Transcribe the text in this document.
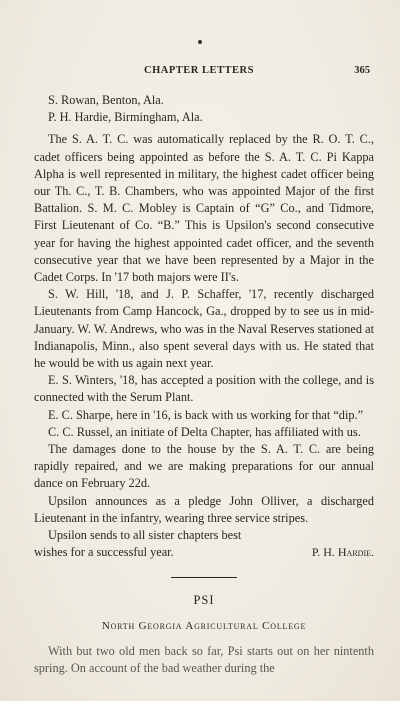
CHAPTER LETTERS	365

S. Rowan, Benton, Ala.

P. H. Hardie, Birmingham, Ala.

The S. A. T. C. was automatically replaced by the R. O. T. C., cadet officers being appointed as before the S. A. T. C. Pi Kappa Alpha is well represented in military, the highest cadet officer being our Th. C., T. B. Chambers, who was appointed Major of the first Battalion. S. M. C. Mobley is Captain of “G” Co., and Tidmore, First Lieutenant of Co. “B.” This is Upsilon's second consecutive year for having the highest appointed cadet officer, and the seventh consecutive year that we have been represented by a Major in the Cadet Corps. In '17 both majors were II's.

S. W. Hill, '18, and J. P. Schaffer, '17, recently discharged Lieutenants from Camp Hancock, Ga., dropped by to see us in mid-January. W. W. Andrews, who was in the Naval Reserves stationed at Indianapolis, Minn., also spent several days with us. He stated that he would be with us again next year.

E. S. Winters, '18, has accepted a position with the college, and is connected with the Serum Plant.

E. C. Sharpe, here in '16, is back with us working for that “dip.”

C. C. Russel, an initiate of Delta Chapter, has affiliated with us.

The damages done to the house by the S. A. T. C. are being rapidly repaired, and we are making preparations for our annual dance on February 22d.

Upsilon announces as a pledge John Olliver, a discharged Lieutenant in the infantry, wearing three service stripes.

Upsilon sends to all sister chapters best wishes for a successful year.	P. H. Hardie.

PSI

North Georgia Agricultural College

With but two old men back so far, Psi starts out on her nintenth spring. On account of the bad weather during the
